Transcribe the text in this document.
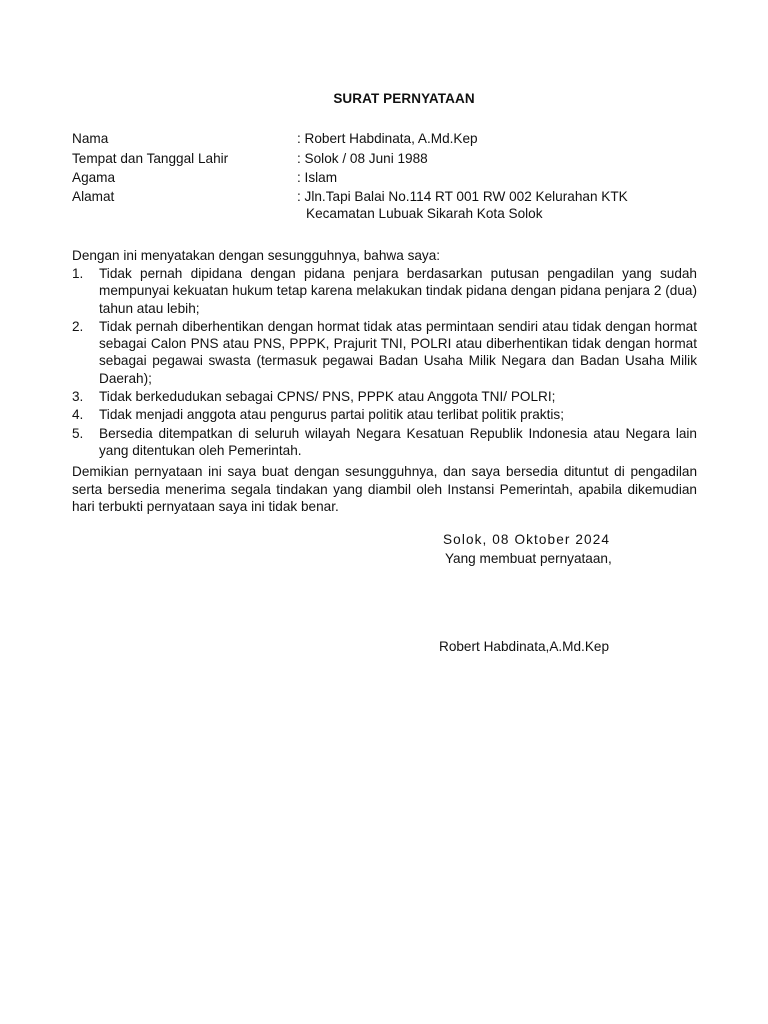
SURAT PERNYATAAN
Nama	: Robert Habdinata, A.Md.Kep
Tempat dan Tanggal Lahir	: Solok / 08 Juni 1988
Agama	: Islam
Alamat	: Jln.Tapi Balai No.114 RT 001 RW 002 Kelurahan KTK
Kecamatan Lubuak Sikarah Kota Solok
Dengan ini menyatakan dengan sesungguhnya, bahwa saya:
1.	Tidak pernah dipidana dengan pidana penjara berdasarkan putusan pengadilan yang sudah mempunyai kekuatan hukum tetap karena melakukan tindak pidana dengan pidana penjara 2 (dua) tahun atau lebih;
2.	Tidak pernah diberhentikan dengan hormat tidak atas permintaan sendiri atau tidak dengan hormat sebagai Calon PNS atau PNS, PPPK, Prajurit TNI, POLRI atau diberhentikan tidak dengan hormat sebagai pegawai swasta (termasuk pegawai Badan Usaha Milik Negara dan Badan Usaha Milik Daerah);
3.	Tidak berkedudukan sebagai CPNS/ PNS, PPPK atau Anggota TNI/ POLRI;
4.	Tidak menjadi anggota atau pengurus partai politik atau terlibat politik praktis;
5.	Bersedia ditempatkan di seluruh wilayah Negara Kesatuan Republik Indonesia atau Negara lain yang ditentukan oleh Pemerintah.
Demikian pernyataan ini saya buat dengan sesungguhnya, dan saya bersedia dituntut di pengadilan serta bersedia menerima segala tindakan yang diambil oleh Instansi Pemerintah, apabila dikemudian hari terbukti pernyataan saya ini tidak benar.
Solok, 08 Oktober 2024
Yang membuat pernyataan,
Robert Habdinata,A.Md.Kep
